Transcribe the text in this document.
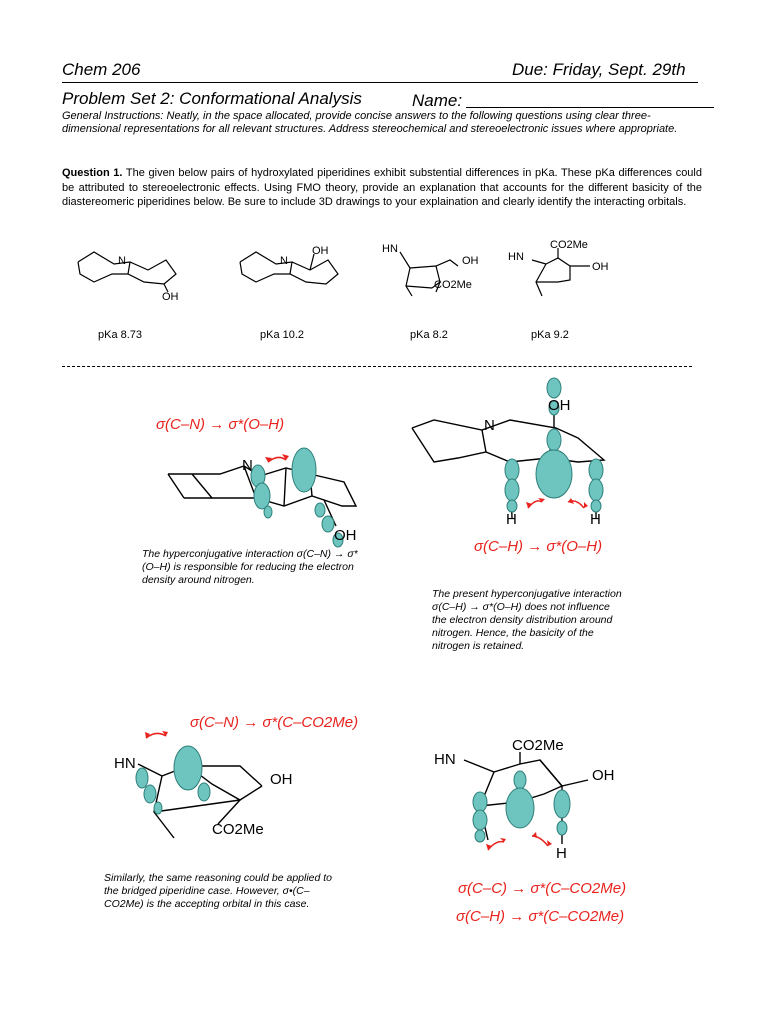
Chem 206	Due: Friday, Sept. 29th
Problem Set 2: Conformational Analysis	Name:
General Instructions: Neatly, in the space allocated, provide concise answers to the following questions using clear three-dimensional representations for all relevant structures. Address stereochemical and stereoelectronic issues where appropriate.
Question 1. The given below pairs of hydroxylated piperidines exhibit substential differences in pKa. These pKa differences could be attributed to stereoelectronic effects. Using FMO theory, provide an explanation that accounts for the different basicity of the diastereomeric piperidines below. Be sure to include 3D drawings to your explaination and clearly identify the interacting orbitals.
N
OH
pKa 8.73
N
OH
pKa 10.2
HN
OH
CO2Me
pKa 8.2
HN
CO2Me
OH
pKa 9.2
σ(C–N) → σ*(O–H)
N
OH
The hyperconjugative interaction σ(C–N) → σ*(O–H) is responsible for reducing the electron density around nitrogen.
N
OH
H	H
σ(C–H) → σ*(O–H)
The present hyperconjugative interaction σ(C–H) → σ*(O–H) does not influence the electron density distribution around nitrogen. Hence, the basicity of the nitrogen is retained.
σ(C–N) → σ*(C–CO2Me)
HN
OH
CO2Me
Similarly, the same reasoning could be applied to the bridged piperidine case. However, σ•(C–CO2Me) is the accepting orbital in this case.
HN
CO2Me
OH
H
σ(C–C) → σ*(C–CO2Me)
σ(C–H) → σ*(C–CO2Me)
